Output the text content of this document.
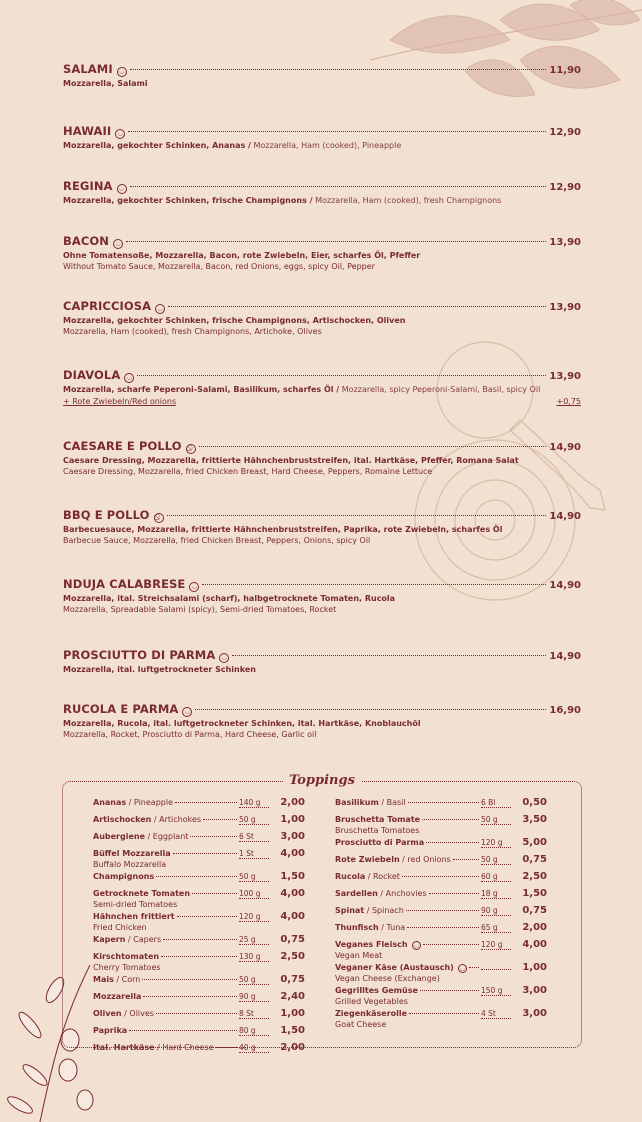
SALAMI	◡	11,90
Mozzarella, Salami
HAWAII	◡	12,90
Mozzarella, gekochter Schinken, Ananas / Mozzarella, Ham (cooked), Pineapple
REGINA	◡	12,90
Mozzarella, gekochter Schinken, frische Champignons / Mozzarella, Ham (cooked), fresh Champignons
BACON	◡	13,90
Ohne Tomatensoße, Mozzarella, Bacon, rote Zwiebeln, Eier, scharfes Öl, Pfeffer
Without Tomato Sauce, Mozzarella, Bacon, red Onions, eggs, spicy Oil, Pepper
CAPRICCIOSA	◡	13,90
Mozzarella, gekochter Schinken, frische Champignons, Artischocken, Oliven
Mozzarella, Ham (cooked), fresh Champignons, Artichoke, Olives
DIAVOLA	◡	13,90
Mozzarella, scharfe Peperoni-Salami, Basilikum, scharfes Öl / Mozzarella, spicy Peperoni-Salami, Basil, spicy Oil
+ Rote Zwiebeln/Red onions	+0,75
CAESARE E POLLO	14,90
Caesare Dressing, Mozzarella, frittierte Hähnchenbruststreifen, ital. Hartkäse, Pfeffer, Romana Salat
Caesare Dressing, Mozzarella, fried Chicken Breast, Hard Cheese, Peppers, Romaine Lettuce
BBQ E POLLO	14,90
Barbecuesauce, Mozzarella, frittierte Hähnchenbruststreifen, Paprika, rote Zwiebeln, scharfes Öl
Barbecue Sauce, Mozzarella, fried Chicken Breast, Peppers, Onions, spicy Oil
NDUJA CALABRESE	◡	14,90
Mozzarella, ital. Streichsalami (scharf), halbgetrocknete Tomaten, Rucola
Mozzarella, Spreadable Salami (spicy), Semi-dried Tomatoes, Rocket
PROSCIUTTO DI PARMA	◡	14,90
Mozzarella, ital. luftgetrockneter Schinken
RUCOLA E PARMA	◡	16,90
Mozzarella, Rucola, ital. luftgetrockneter Schinken, ital. Hartkäse, Knoblauchöl
Mozzarella, Rocket, Prosciutto di Parma, Hard Cheese, Garlic oil
Toppings
Ananas / Pineapple	140 g	2,00
Artischocken / Artichokes	50 g	1,00
Aubergiene / Eggplant	6 St	3,00
Büffel Mozzarella	1 St	4,00
Buffalo Mozzarella
Champignons	50 g	1,50
Getrocknete Tomaten	100 g	4,00
Semi-dried Tomatoes
Hähnchen frittiert	120 g	4,00
Fried Chicken
Kapern / Capers	25 g	0,75
Kirschtomaten	130 g	2,50
Cherry Tomatoes
Mais / Corn	50 g	0,75
Mozzarella	90 g	2,40
Oliven / Olives	8 St	1,00
Paprika	80 g	1,50
Ital. Hartkäse / Hard Cheese	40 g	2,00
Basilikum / Basil	6 Bl	0,50
Bruschetta Tomate	50 g	3,50
Bruschetta Tomatoes
Prosciutto di Parma	120 g	5,00
Rote Zwiebeln / red Onions	50 g	0,75
Rucola / Rocket	60 g	2,50
Sardellen / Anchovies	18 g	1,50
Spinat / Spinach	90 g	0,75
Thunfisch / Tuna	65 g	2,00
Veganes Fleisch ◡	120 g	4,00
Vegan Meat
Veganer Käse (Austausch) ◡	1,00
Vegan Cheese (Exchange)
Gegrilltes Gemüse	150 g	3,00
Grilled Vegetables
Ziegenkäserolle	4 St	3,00
Goat Cheese
